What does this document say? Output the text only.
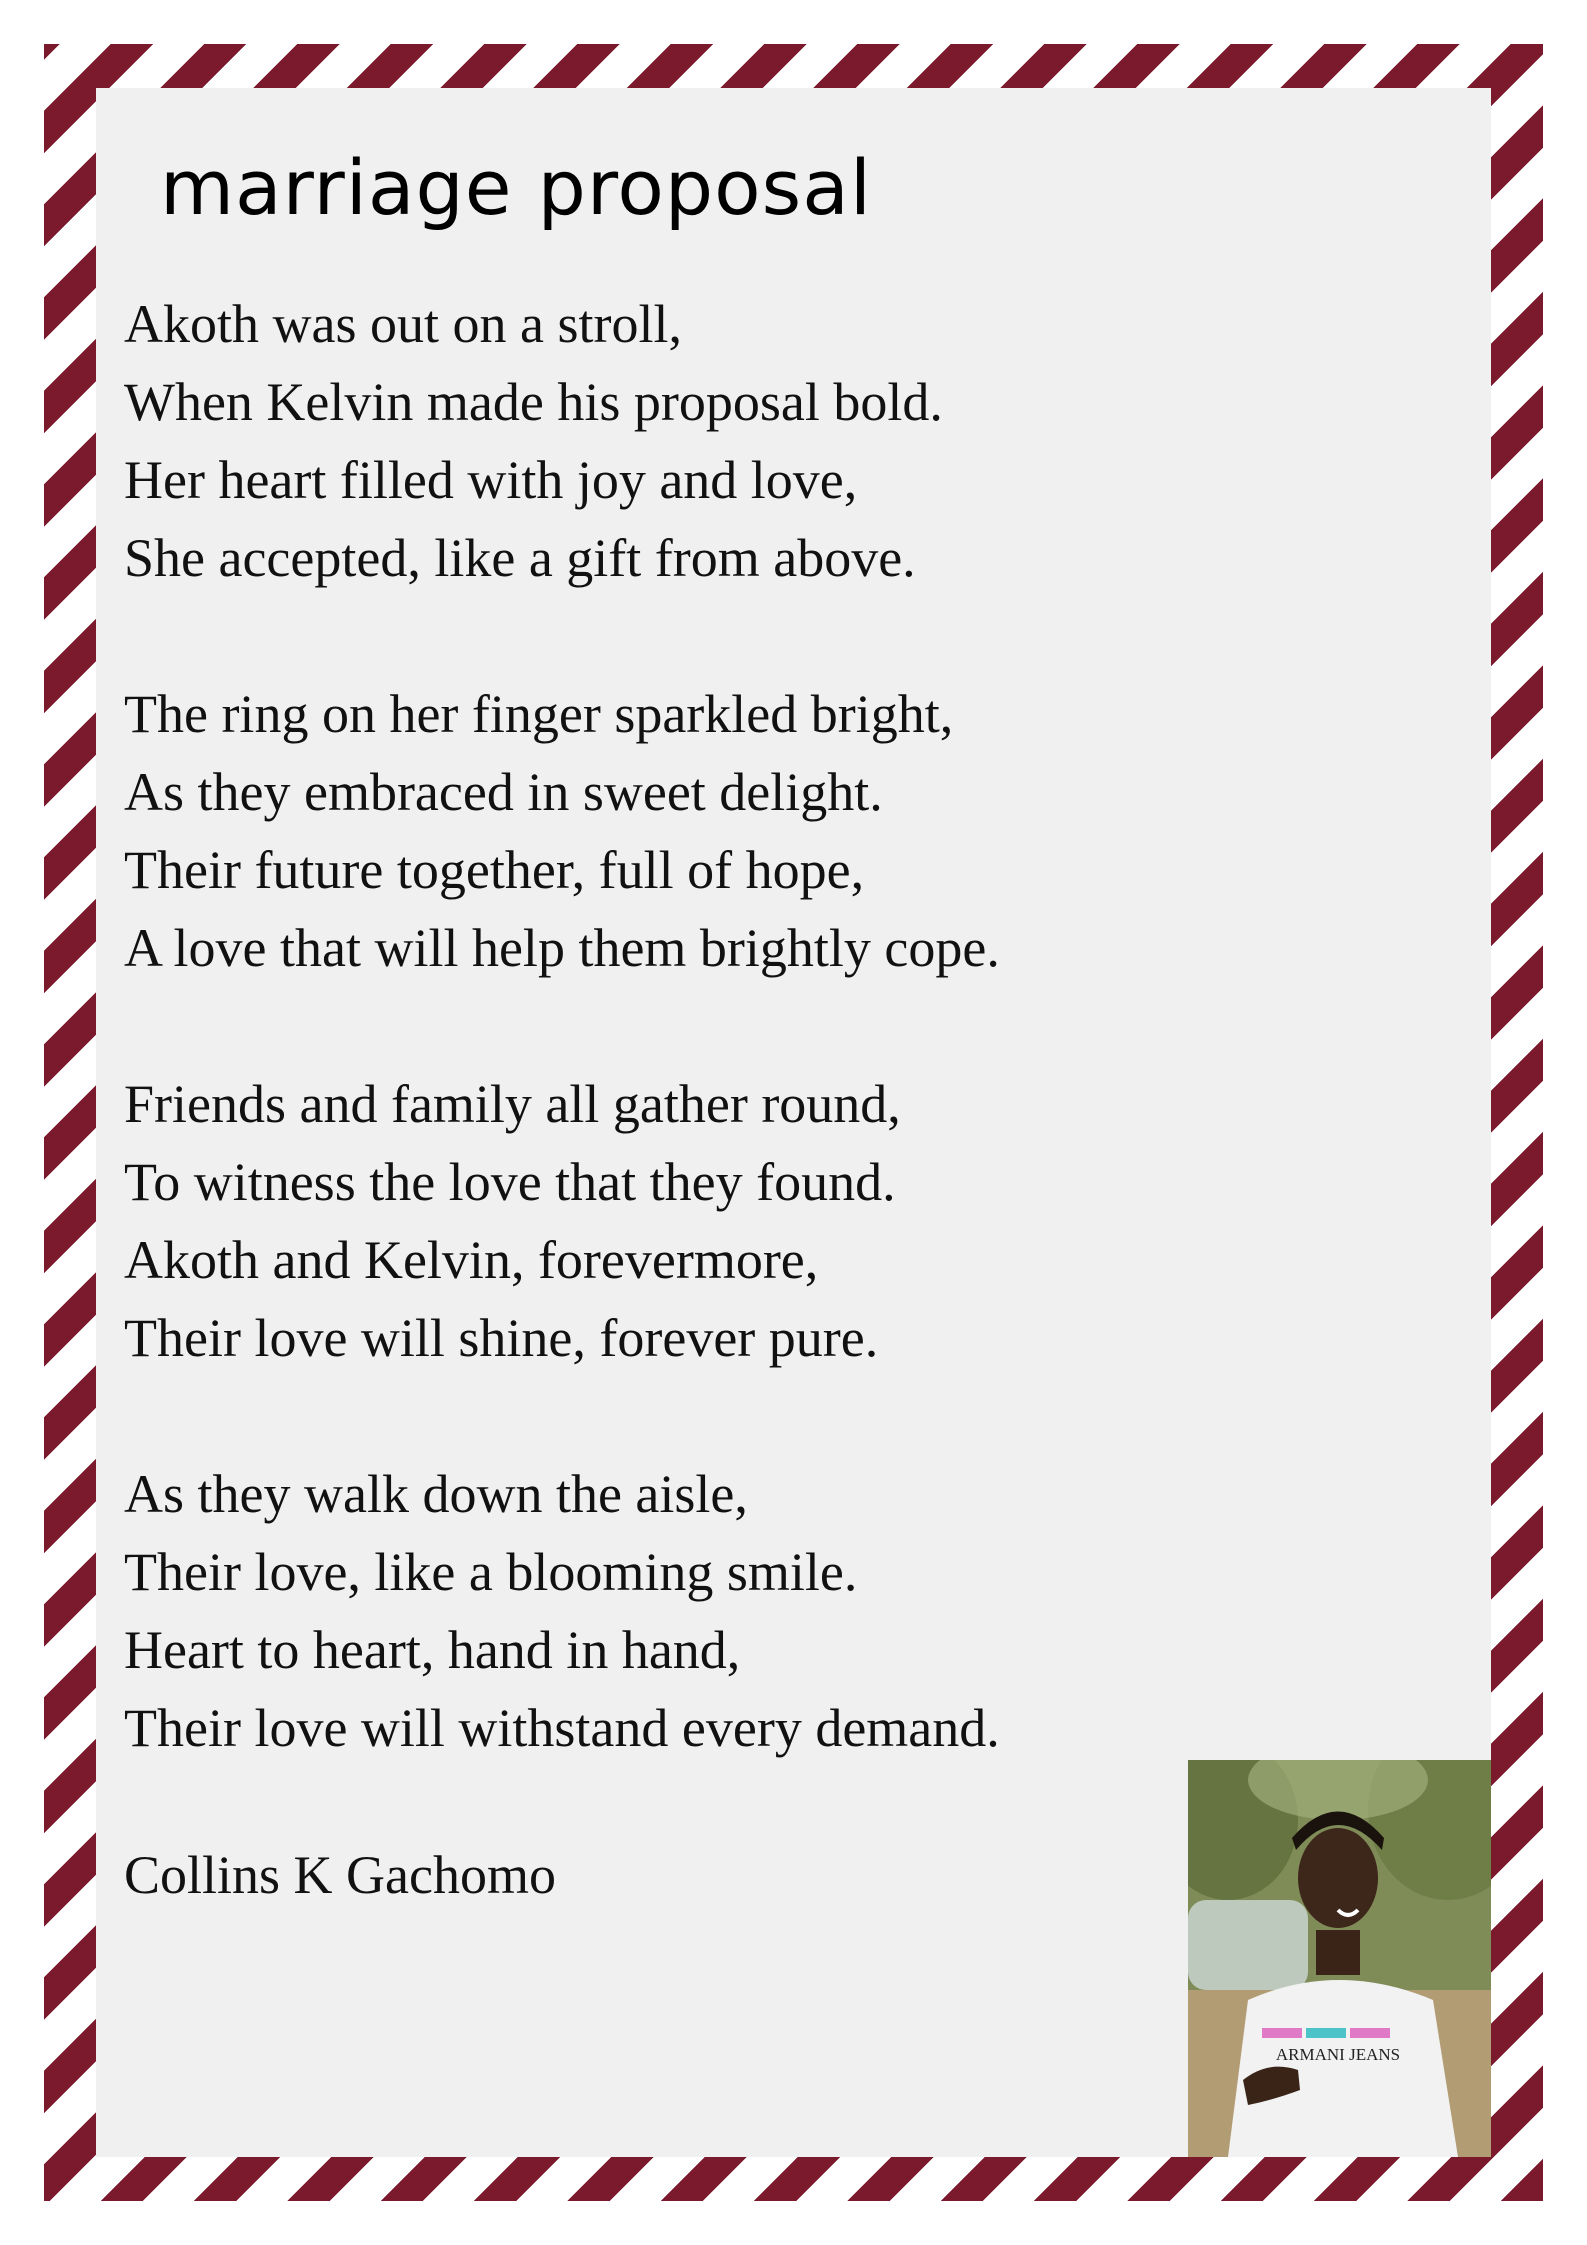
marriage proposal
Akoth was out on a stroll,
When Kelvin made his proposal bold.
Her heart filled with joy and love,
She accepted, like a gift from above.
The ring on her finger sparkled bright,
As they embraced in sweet delight.
Their future together, full of hope,
A love that will help them brightly cope.
Friends and family all gather round,
To witness the love that they found.
Akoth and Kelvin, forevermore,
Their love will shine, forever pure.
As they walk down the aisle,
Their love, like a blooming smile.
Heart to heart, hand in hand,
Their love will withstand every demand.
Collins K Gachomo
ARMANI JEANS
